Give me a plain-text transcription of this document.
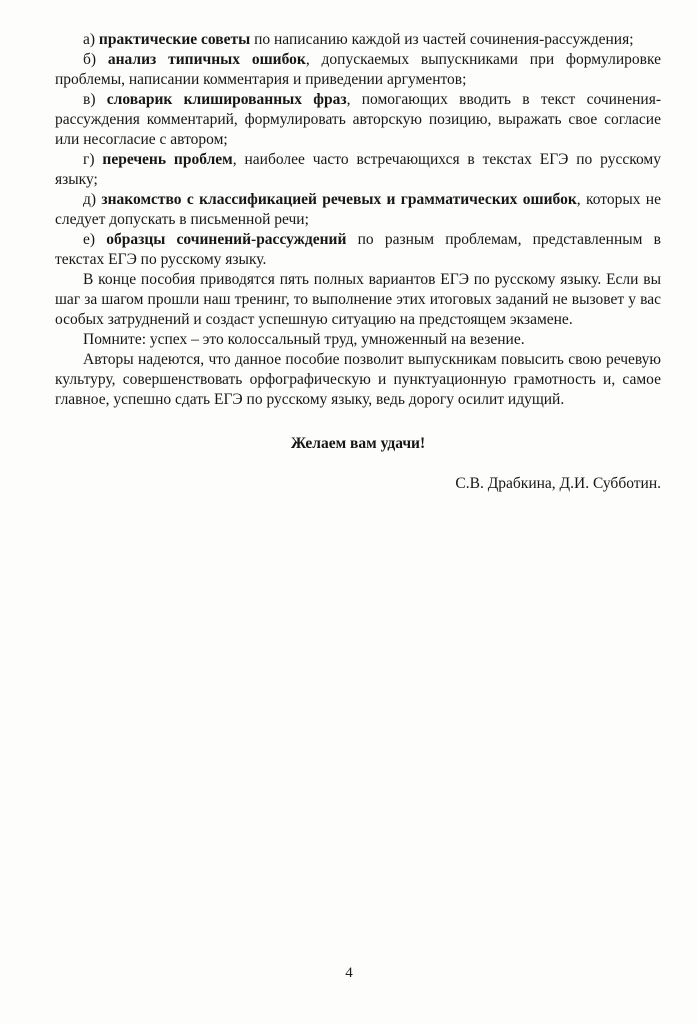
а) практические советы по написанию каждой из частей сочинения-рассуждения;

б) анализ типичных ошибок, допускаемых выпускниками при формулировке проблемы, написании комментария и приведении аргументов;

в) словарик клишированных фраз, помогающих вводить в текст сочинения-рассуждения комментарий, формулировать авторскую позицию, выражать свое согласие или несогласие с автором;

г) перечень проблем, наиболее часто встречающихся в текстах ЕГЭ по русскому языку;

д) знакомство с классификацией речевых и грамматических ошибок, которых не следует допускать в письменной речи;

е) образцы сочинений-рассуждений по разным проблемам, представленным в текстах ЕГЭ по русскому языку.

В конце пособия приводятся пять полных вариантов ЕГЭ по русскому языку. Если вы шаг за шагом прошли наш тренинг, то выполнение этих итоговых заданий не вызовет у вас особых затруднений и создаст успешную ситуацию на предстоящем экзамене.

Помните: успех – это колоссальный труд, умноженный на везение.

Авторы надеются, что данное пособие позволит выпускникам повысить свою речевую культуру, совершенствовать орфографическую и пунктуационную грамотность и, самое главное, успешно сдать ЕГЭ по русскому языку, ведь дорогу осилит идущий.

Желаем вам удачи!

С.В. Драбкина, Д.И. Субботин.

4
